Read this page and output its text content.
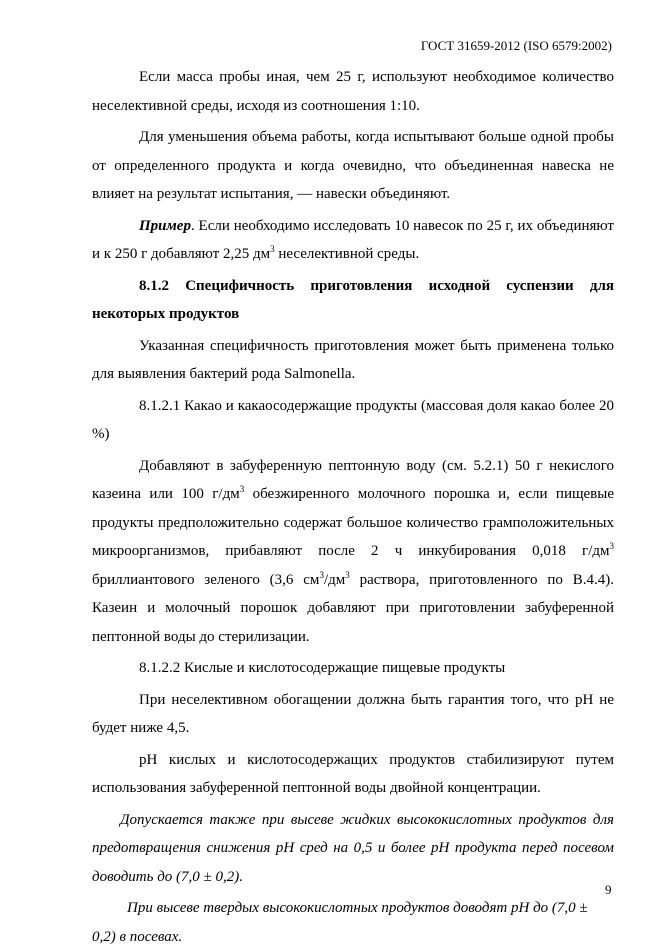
ГОСТ 31659-2012 (ISO 6579:2002)

Если масса пробы иная, чем 25 г, используют необходимое количество неселективной среды, исходя из соотношения 1:10.

Для уменьшения объема работы, когда испытывают больше одной пробы от определенного продукта и когда очевидно, что объединенная навеска не влияет на результат испытания, — навески объединяют.

Пример. Если необходимо исследовать 10 навесок по 25 г, их объединяют и к 250 г добавляют 2,25 $дм^3$ неселективной среды.

8.1.2 Специфичность приготовления исходной суспензии для некоторых продуктов

Указанная специфичность приготовления может быть применена только для выявления бактерий рода Salmonella.

8.1.2.1 Какао и какаосодержащие продукты (массовая доля какао более 20 %)

Добавляют в забуференную пептонную воду (см. 5.2.1) 50 г некислого казеина или 100 $г/дм^3$ обезжиренного молочного порошка и, если пищевые продукты предположительно содержат большое количество грамположительных микроорганизмов, прибавляют после 2 ч инкубирования 0,018 $г/дм^3$ бриллиантового зеленого (3,6 $см^3/дм^3$ раствора, приготовленного по В.4.4). Казеин и молочный порошок добавляют при приготовлении забуференной пептонной воды до стерилизации.

8.1.2.2 Кислые и кислотосодержащие пищевые продукты

При неселективном обогащении должна быть гарантия того, что pH не будет ниже 4,5.

pH кислых и кислотосодержащих продуктов стабилизируют путем использования забуференной пептонной воды двойной концентрации.

Допускается также при высеве жидких высококислотных продуктов для предотвращения снижения pH сред на 0,5 и более pH продукта перед посевом доводить до (7,0 ± 0,2).

При высеве твердых высококислотных продуктов доводят pH до (7,0 ± 0,2) в посевах.

9
